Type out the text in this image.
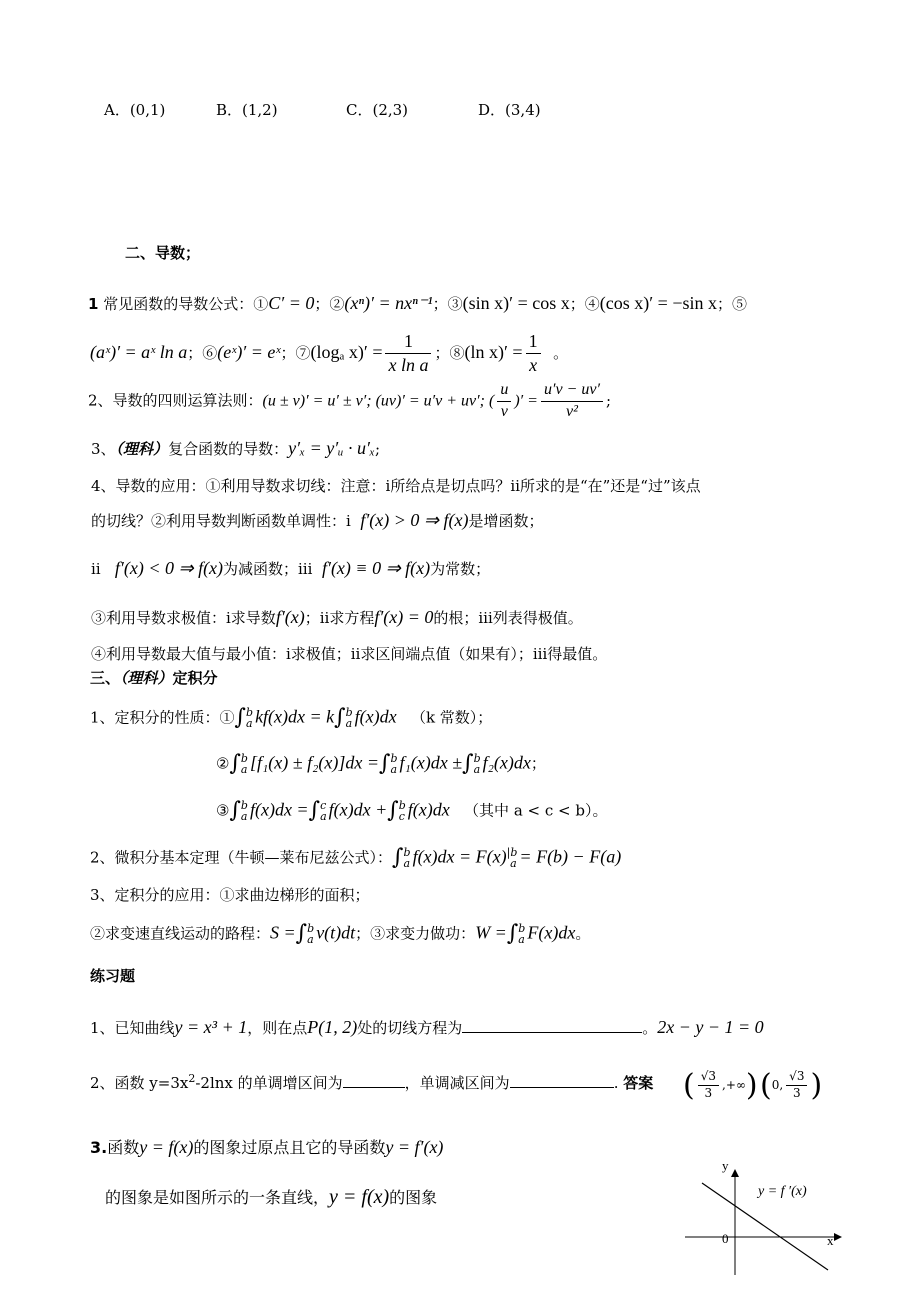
A．(0,1)	B．(1,2)	C．(2,3)	D．(3,4)
二、导数；
1 常见函数的导数公式：①C′ = 0；②(xⁿ)′ = nxⁿ⁻¹；③(sin x)′ = cos x；④(cos x)′ = −sin x；⑤
(aˣ)′ = aˣ ln a；⑥(eˣ)′ = eˣ；⑦(logₐ $x)' = \frac{1}{\text{x ln a}}$ ；⑧(ln $x)' = \frac{1}{x}$ 。
2、导数的四则运算法则：(u ± v)′ = u′ ± v′; (uv)′ = u′v + uv′; ( $\frac{u}{v}$ )′ = $\frac{u'v - uv'}{\text{v²}}$ ;
3、（理科）复合函数的导数：y′ₓ = y′ᵤ · u′ₓ;
4、导数的应用：①利用导数求切线：注意：ⅰ所给点是切点吗？ⅱ所求的是“在”还是“过”该点
的切线？②利用导数判断函数单调性：ⅰ f′(x) > 0 ⇒ f(x)是增函数；
ⅱ f′(x) < 0 ⇒ f(x)为减函数；ⅲ f′(x) ≡ 0 ⇒ f(x)为常数；
③利用导数求极值：ⅰ求导数f′(x)；ⅱ求方程f′(x) = 0的根；ⅲ列表得极值。
④利用导数最大值与最小值：ⅰ求极值；ⅱ求区间端点值（如果有）；ⅲ得最值。
三、（理科）定积分
1、定积分的性质：①∫b
a kf(x)dx = k∫b
a f(x)dx （k 常数）；
②∫b
a [f₁(x) ± f₂(x)]dx =∫b
a f₁(x)dx ±∫b
a f₂(x)dx；
③∫b
a f(x)dx =∫c
a f(x)dx +∫b
c f(x)dx （其中 a < c < b）。
2、微积分基本定理（牛顿—莱布尼兹公式）：∫b
a f(x)dx = F(x)|b
a = F(b) − F(a)
3、定积分的应用：①求曲边梯形的面积；
②求变速直线运动的路程：S =∫b
a v(t)dt；③求变力做功：W =∫b
a F(x)dx。
练习题
1、已知曲线y = x³ + 1，则在点P(1, 2)处的切线方程为	。2x − y − 1 = 0
2、函数 $y=3x^2-2\ln x$ 的单调增区间为	，单调减区间为	. 答案 ( $\frac{√3}{3}$ ,+∞) (0, $\frac{√3}{3}$ )
3.函数y = f(x)的图象过原点且它的导函数y = f′(x)
的图象是如图所示的一条直线，y = f(x)的图象
y
x
0
y = f ′(x)
